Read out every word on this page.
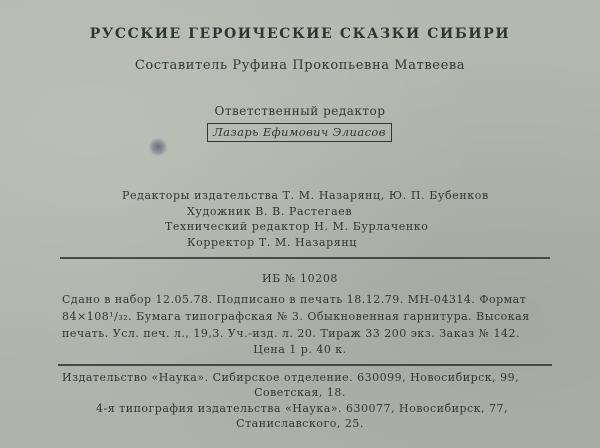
РУССКИЕ ГЕРОИЧЕСКИЕ СКАЗКИ СИБИРИ
Составитель Руфина Прокопьевна Матвеева
Ответственный редактор
Лазарь Ефимович Элиасов
Редакторы издательства Т. М. Назарянц, Ю. П. Бубенков
Художник В. В. Растегаев
Технический редактор Н. М. Бурлаченко
Корректор Т. М. Назарянц
ИБ № 10208
Сдано в набор 12.05.78. Подписано в печать 18.12.79. МН-04314. Формат
84×108¹/₃₂. Бумага типографская № 3. Обыкновенная гарнитура. Высокая
печать. Усл. печ. л., 19,3. Уч.-изд. л. 20. Тираж 33 200 экз. Заказ № 142.
Цена 1 р. 40 к.
Издательство «Наука». Сибирское отделение. 630099, Новосибирск, 99,
Советская, 18.
4-я типография издательства «Наука». 630077, Новосибирск, 77,
Станиславского, 25.
